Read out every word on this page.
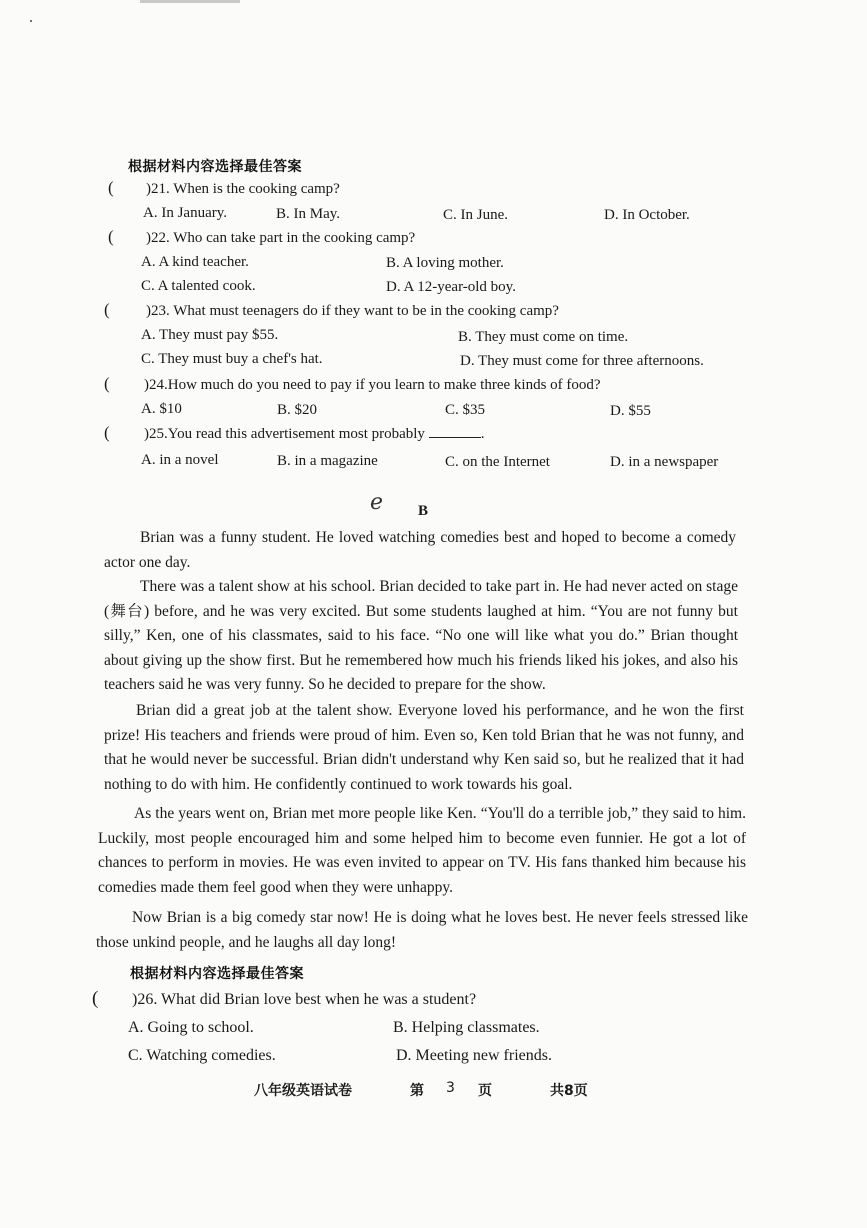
根据材料内容选择最佳答案
( )21. When is the cooking camp?
A. In January.	B. In May.	C. In June.	D. In October.
( )22. Who can take part in the cooking camp?
A. A kind teacher.	B. A loving mother.
C. A talented cook.	D. A 12-year-old boy.
( )23. What must teenagers do if they want to be in the cooking camp?
A. They must pay $55.	B. They must come on time.
C. They must buy a chef's hat.	D. They must come for three afternoons.
( )24.How much do you need to pay if you learn to make three kinds of food?
A. $10	B. $20	C. $35	D. $55
( )25.You read this advertisement most probably	.
A. in a novel	B. in a magazine	C. on the Internet	D. in a newspaper
e B
Brian was a funny student. He loved watching comedies best and hoped to become a comedy actor one day.
There was a talent show at his school. Brian decided to take part in. He had never acted on stage (舞台) before, and he was very excited. But some students laughed at him. “You are not funny but silly,” Ken, one of his classmates, said to his face. “No one will like what you do.” Brian thought about giving up the show first. But he remembered how much his friends liked his jokes, and also his teachers said he was very funny. So he decided to prepare for the show.
Brian did a great job at the talent show. Everyone loved his performance, and he won the first prize! His teachers and friends were proud of him. Even so, Ken told Brian that he was not funny, and that he would never be successful. Brian didn't understand why Ken said so, but he realized that it had nothing to do with him. He confidently continued to work towards his goal.
As the years went on, Brian met more people like Ken. “You'll do a terrible job,” they said to him. Luckily, most people encouraged him and some helped him to become even funnier. He got a lot of chances to perform in movies. He was even invited to appear on TV. His fans thanked him because his comedies made them feel good when they were unhappy.
Now Brian is a big comedy star now! He is doing what he loves best. He never feels stressed like those unkind people, and he laughs all day long!
根据材料内容选择最佳答案
( )26. What did Brian love best when he was a student?
A. Going to school.	B. Helping classmates.
C. Watching comedies.	D. Meeting new friends.
八年级英语试卷	第 3 页	共8页
